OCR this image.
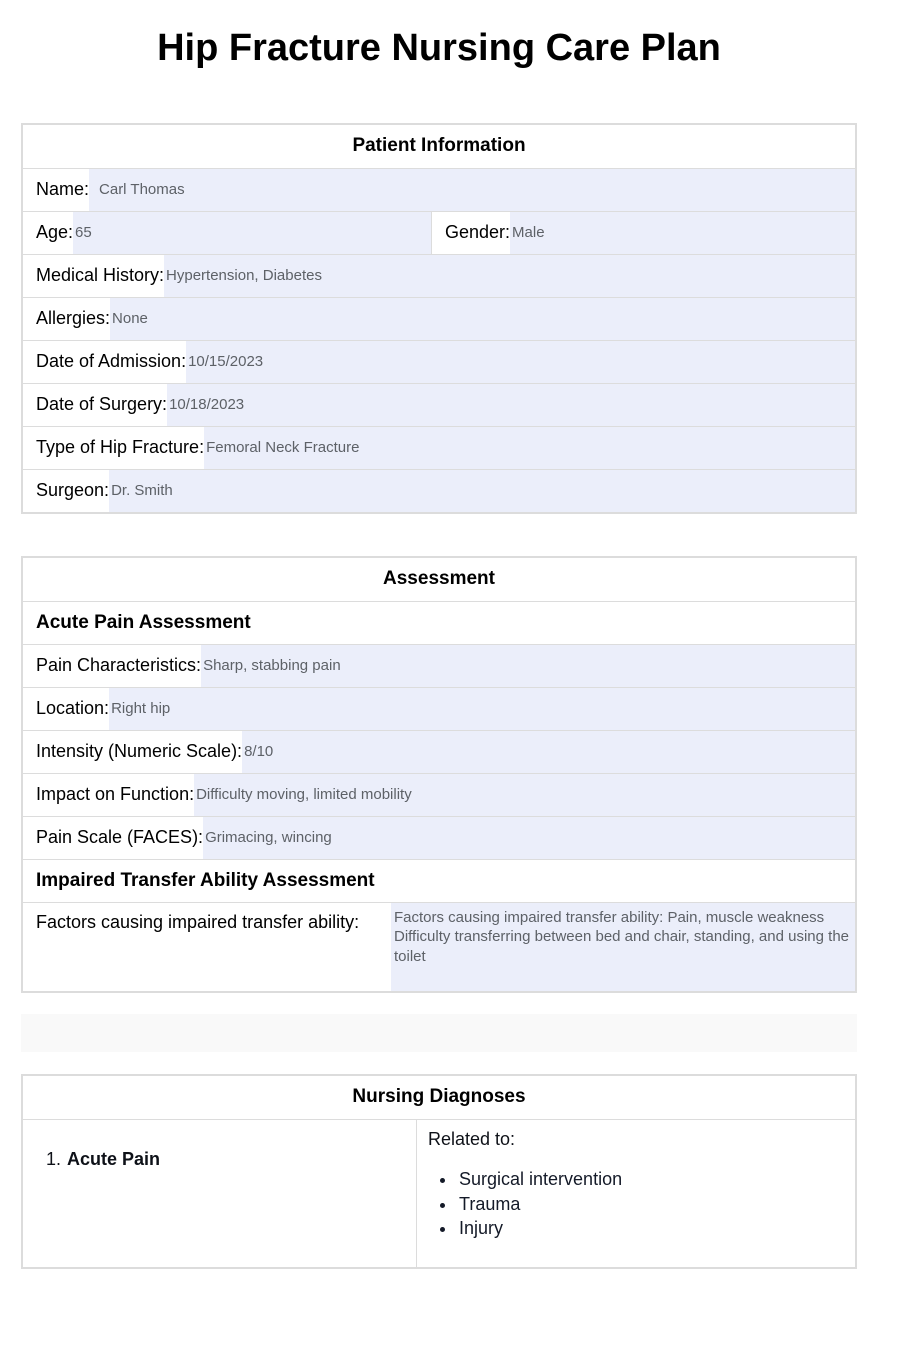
Hip Fracture Nursing Care Plan
Patient Information
Name: Carl Thomas
Age: 65	Gender: Male
Medical History: Hypertension, Diabetes
Allergies: None
Date of Admission: 10/15/2023
Date of Surgery: 10/18/2023
Type of Hip Fracture: Femoral Neck Fracture
Surgeon: Dr. Smith
Assessment
Acute Pain Assessment
Pain Characteristics: Sharp, stabbing pain
Location: Right hip
Intensity (Numeric Scale): 8/10
Impact on Function: Difficulty moving, limited mobility
Pain Scale (FACES): Grimacing, wincing
Impaired Transfer Ability Assessment
Factors causing impaired transfer ability:	Factors causing impaired transfer ability: Pain, muscle weakness
Difficulty transferring between bed and chair, standing, and using the toilet
Nursing Diagnoses
1. Acute Pain
Related to:
• Surgical intervention
• Trauma
• Injury
